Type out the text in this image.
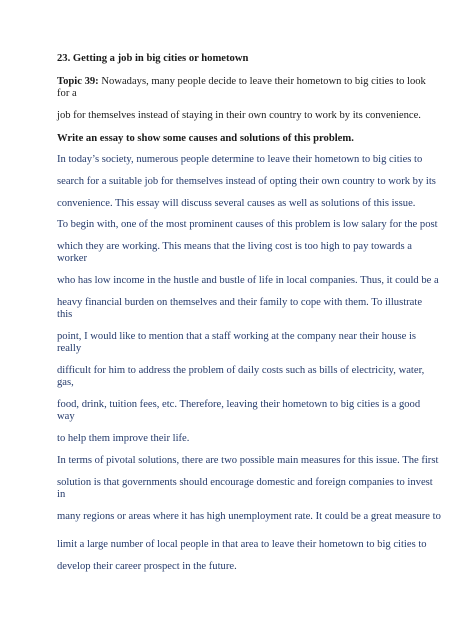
23. Getting a job in big cities or hometown

Topic 39: Nowadays, many people decide to leave their hometown to big cities to look

for a

job for themselves instead of staying in their own country to work by its convenience.

Write an essay to show some causes and solutions of this problem.

In today’s society, numerous people determine to leave their hometown to big cities to

search for a suitable job for themselves instead of opting their own country to work by its

convenience. This essay will discuss several causes as well as solutions of this issue.

To begin with, one of the most prominent causes of this problem is low salary for the post

which they are working. This means that the living cost is too high to pay towards a

worker

who has low income in the hustle and bustle of life in local companies. Thus, it could be a

heavy financial burden on themselves and their family to cope with them. To illustrate

this

point, I would like to mention that a staff working at the company near their house is

really

difficult for him to address the problem of daily costs such as bills of electricity, water,

gas,

food, drink, tuition fees, etc. Therefore, leaving their hometown to big cities is a good

way

to help them improve their life.

In terms of pivotal solutions, there are two possible main measures for this issue. The first

solution is that governments should encourage domestic and foreign companies to invest

in

many regions or areas where it has high unemployment rate. It could be a great measure to

limit a large number of local people in that area to leave their hometown to big cities to

develop their career prospect in the future.
